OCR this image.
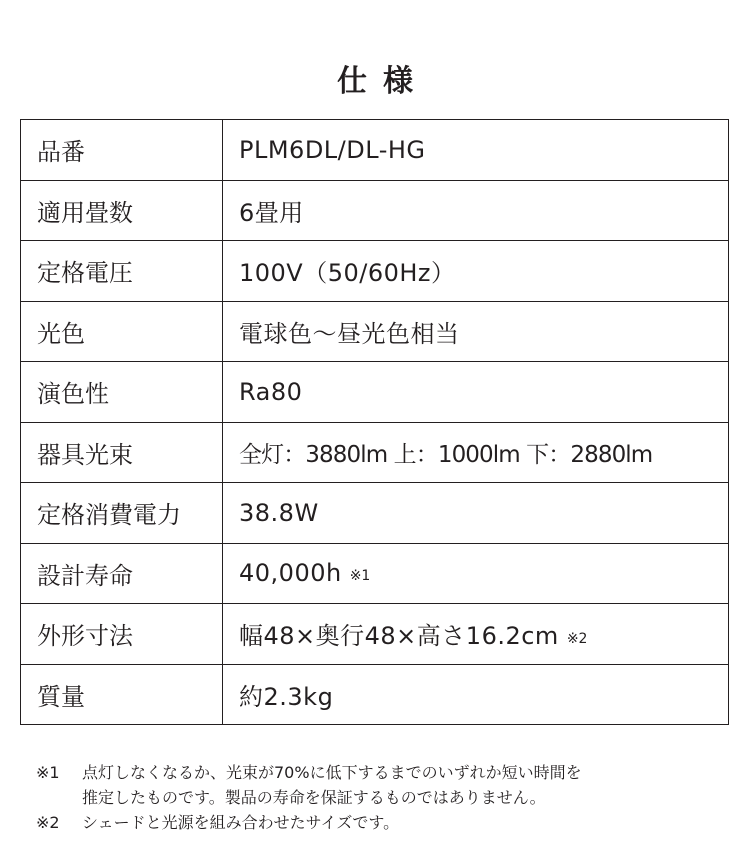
仕様
品番	PLM6DL/DL-HG
適用畳数	6畳用
定格電圧	100V（50/60Hz）
光色	電球色～昼光色相当
演色性	Ra80
器具光束	全灯：3880lm 上：1000lm 下：2880lm
定格消費電力	38.8W
設計寿命	40,000h ※1
外形寸法	幅48×奥行48×高さ16.2cm ※2
質量	約2.3kg
※1	点灯しなくなるか、光束が70%に低下するまでのいずれか短い時間を
推定したものです。製品の寿命を保証するものではありません。
※2	シェードと光源を組み合わせたサイズです。
